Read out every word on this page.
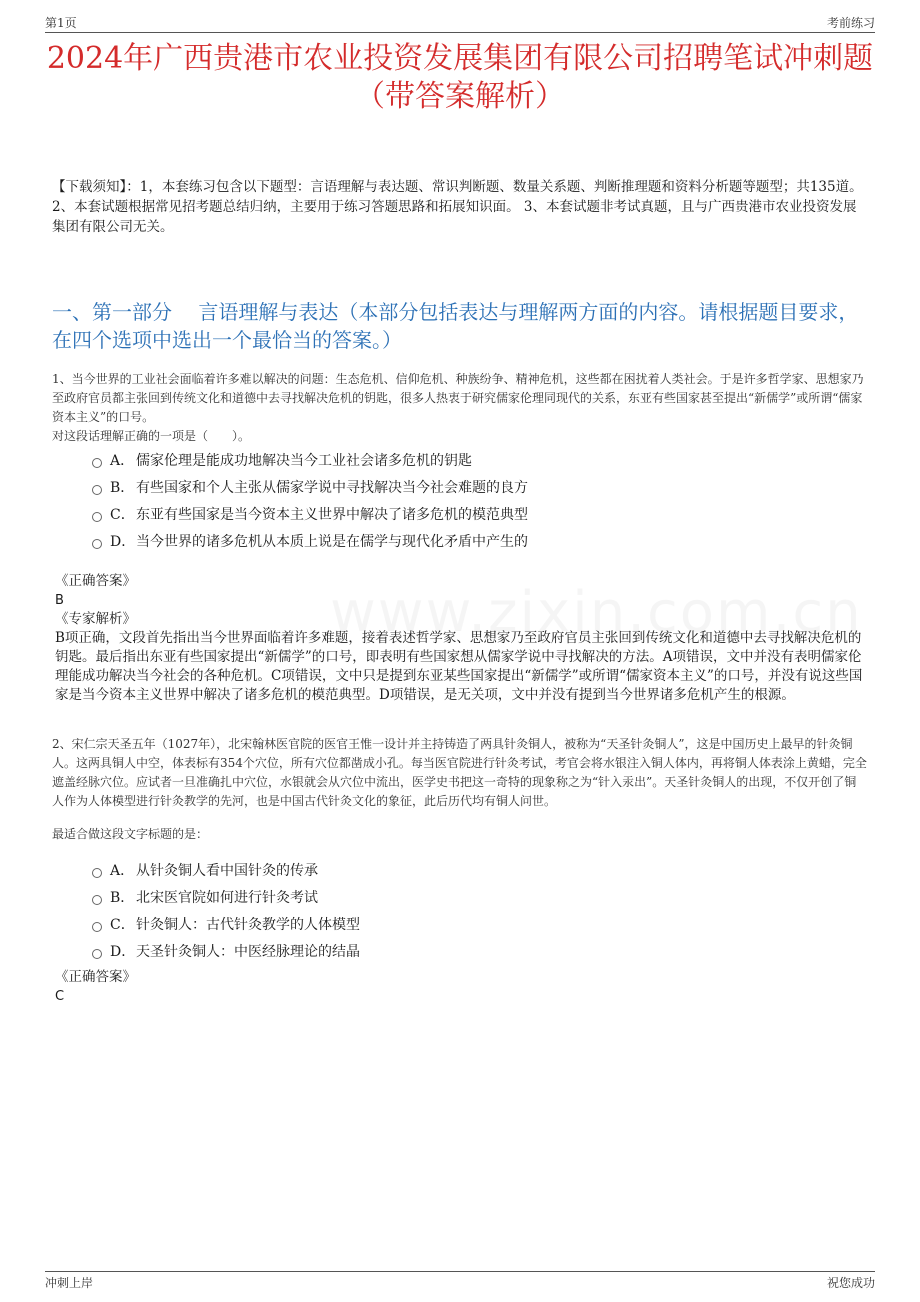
第1页	考前练习
2024年广西贵港市农业投资发展集团有限公司招聘笔试冲刺题（带答案解析）
【下载须知】：1，本套练习包含以下题型：言语理解与表达题、常识判断题、数量关系题、判断推理题和资料分析题等题型；共135道。 2、本套试题根据常见招考题总结归纳，主要用于练习答题思路和拓展知识面。 3、本套试题非考试真题，且与广西贵港市农业投资发展集团有限公司无关。
一、第一部分　 言语理解与表达（本部分包括表达与理解两方面的内容。请根据题目要求，在四个选项中选出一个最恰当的答案。）

1、当今世界的工业社会面临着许多难以解决的问题：生态危机、信仰危机、种族纷争、精神危机，这些都在困扰着人类社会。于是许多哲学家、思想家乃至政府官员都主张回到传统文化和道德中去寻找解决危机的钥匙，很多人热衷于研究儒家伦理同现代的关系，东亚有些国家甚至提出“新儒学”或所谓“儒家资本主义”的口号。

对这段话理解正确的一项是（　　）。

A． 儒家伦理是能成功地解决当今工业社会诸多危机的钥匙
B． 有些国家和个人主张从儒家学说中寻找解决当今社会难题的良方
C． 东亚有些国家是当今资本主义世界中解决了诸多危机的模范典型
D． 当今世界的诸多危机从本质上说是在儒学与现代化矛盾中产生的
《正确答案》
B
《专家解析》
B项正确，文段首先指出当今世界面临着许多难题，接着表述哲学家、思想家乃至政府官员主张回到传统文化和道德中去寻找解决危机的钥匙。最后指出东亚有些国家提出“新儒学”的口号，即表明有些国家想从儒家学说中寻找解决的方法。A项错误，文中并没有表明儒家伦理能成功解决当今社会的各种危机。C项错误，文中只是提到东亚某些国家提出“新儒学”或所谓“儒家资本主义”的口号，并没有说这些国家是当今资本主义世界中解决了诸多危机的模范典型。D项错误，是无关项，文中并没有提到当今世界诸多危机产生的根源。

2、宋仁宗天圣五年（1027年），北宋翰林医官院的医官王惟一设计并主持铸造了两具针灸铜人，被称为“天圣针灸铜人”，这是中国历史上最早的针灸铜人。这两具铜人中空，体表标有354个穴位，所有穴位都凿成小孔。每当医官院进行针灸考试，考官会将水银注入铜人体内，再将铜人体表涂上黄蜡，完全遮盖经脉穴位。应试者一旦准确扎中穴位，水银就会从穴位中流出，医学史书把这一奇特的现象称之为“针入汞出”。天圣针灸铜人的出现，不仅开创了铜人作为人体模型进行针灸教学的先河，也是中国古代针灸文化的象征，此后历代均有铜人问世。

最适合做这段文字标题的是：

A． 从针灸铜人看中国针灸的传承
B． 北宋医官院如何进行针灸考试
C． 针灸铜人：古代针灸教学的人体模型
D． 天圣针灸铜人：中医经脉理论的结晶
《正确答案》
C
冲刺上岸	祝您成功
